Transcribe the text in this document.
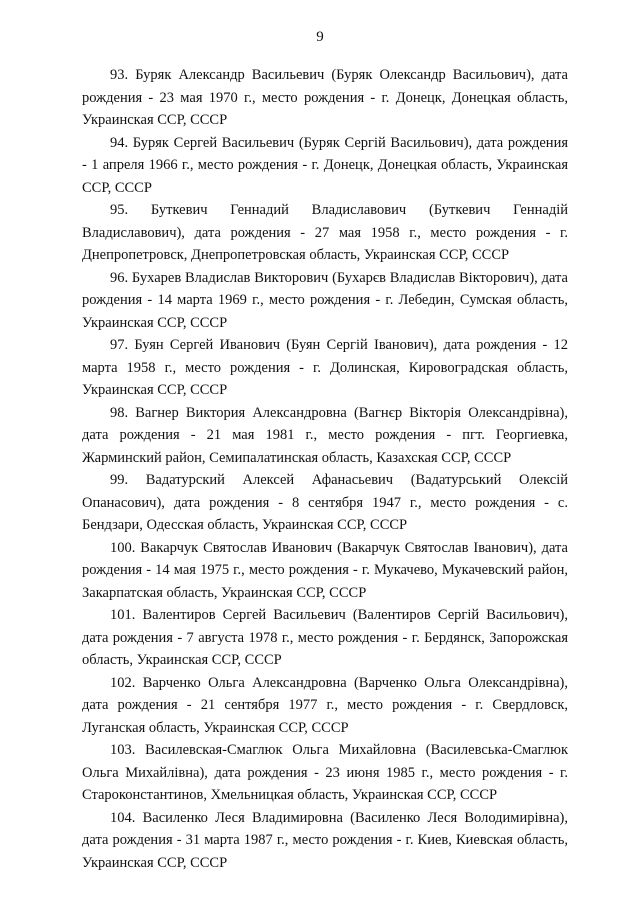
9

93. Буряк Александр Васильевич (Буряк Олександр Васильович), дата рождения - 23 мая 1970 г., место рождения - г. Донецк, Донецкая область, Украинская ССР, СССР

94. Буряк Сергей Васильевич (Буряк Сергій Васильович), дата рождения - 1 апреля 1966 г., место рождения - г. Донецк, Донецкая область, Украинская ССР, СССР

95. Буткевич Геннадий Владиславович (Буткевич Геннадій Владиславович), дата рождения - 27 мая 1958 г., место рождения - г. Днепропетровск, Днепропетровская область, Украинская ССР, СССР

96. Бухарев Владислав Викторович (Бухарєв Владислав Вікторович), дата рождения - 14 марта 1969 г., место рождения - г. Лебедин, Сумская область, Украинская ССР, СССР

97. Буян Сергей Иванович (Буян Сергій Іванович), дата рождения - 12 марта 1958 г., место рождения - г. Долинская, Кировоградская область, Украинская ССР, СССР

98. Вагнер Виктория Александровна (Вагнєр Вікторія Олександрівна), дата рождения - 21 мая 1981 г., место рождения - пгт. Георгиевка, Жарминский район, Семипалатинская область, Казахская ССР, СССР

99. Вадатурский Алексей Афанасьевич (Вадатурський Олексій Опанасович), дата рождения - 8 сентября 1947 г., место рождения - с. Бендзари, Одесская область, Украинская ССР, СССР

100. Вакарчук Святослав Иванович (Вакарчук Святослав Іванович), дата рождения - 14 мая 1975 г., место рождения - г. Мукачево, Мукачевский район, Закарпатская область, Украинская ССР, СССР

101. Валентиров Сергей Васильевич (Валентиров Сергій Васильович), дата рождения - 7 августа 1978 г., место рождения - г. Бердянск, Запорожская область, Украинская ССР, СССР

102. Варченко Ольга Александровна (Варченко Ольга Олександрівна), дата рождения - 21 сентября 1977 г., место рождения - г. Свердловск, Луганская область, Украинская ССР, СССР

103. Василевская-Смаглюк Ольга Михайловна (Василевська-Смаглюк Ольга Михайлівна), дата рождения - 23 июня 1985 г., место рождения - г. Староконстантинов, Хмельницкая область, Украинская ССР, СССР

104. Василенко Леся Владимировна (Василенко Леся Володимирівна), дата рождения - 31 марта 1987 г., место рождения - г. Киев, Киевская область, Украинская ССР, СССР
